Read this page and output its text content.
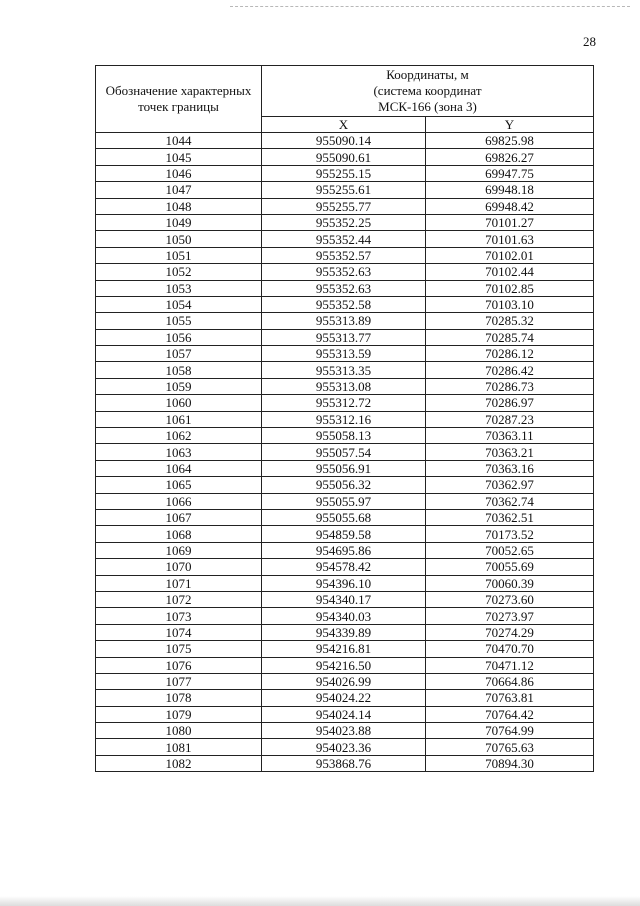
28
Обозначение характерных точек границы	Координаты, м
(система координат
МСК-166 (зона 3)	

	X	Y
1044	955090.14	69825.98
1045	955090.61	69826.27
1046	955255.15	69947.75
1047	955255.61	69948.18
1048	955255.77	69948.42
1049	955352.25	70101.27
1050	955352.44	70101.63
1051	955352.57	70102.01
1052	955352.63	70102.44
1053	955352.63	70102.85
1054	955352.58	70103.10
1055	955313.89	70285.32
1056	955313.77	70285.74
1057	955313.59	70286.12
1058	955313.35	70286.42
1059	955313.08	70286.73
1060	955312.72	70286.97
1061	955312.16	70287.23
1062	955058.13	70363.11
1063	955057.54	70363.21
1064	955056.91	70363.16
1065	955056.32	70362.97
1066	955055.97	70362.74
1067	955055.68	70362.51
1068	954859.58	70173.52
1069	954695.86	70052.65
1070	954578.42	70055.69
1071	954396.10	70060.39
1072	954340.17	70273.60
1073	954340.03	70273.97
1074	954339.89	70274.29
1075	954216.81	70470.70
1076	954216.50	70471.12
1077	954026.99	70664.86
1078	954024.22	70763.81
1079	954024.14	70764.42
1080	954023.88	70764.99
1081	954023.36	70765.63
1082	953868.76	70894.30
